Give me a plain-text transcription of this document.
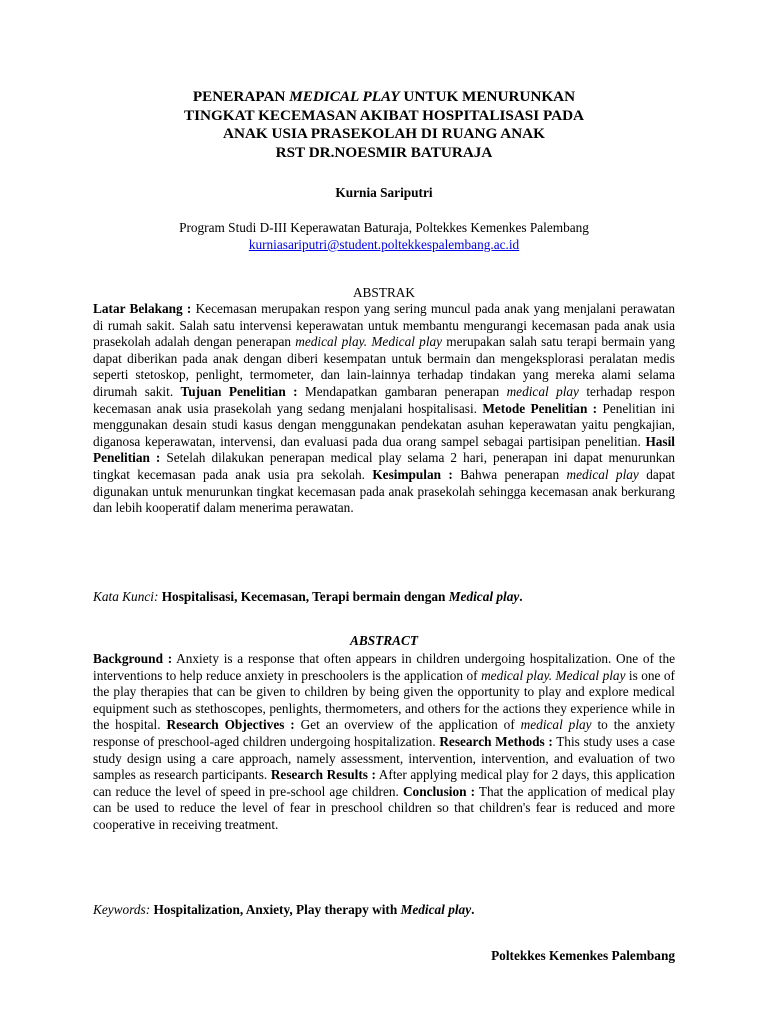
PENERAPAN MEDICAL PLAY UNTUK MENURUNKAN
TINGKAT KECEMASAN AKIBAT HOSPITALISASI PADA
ANAK USIA PRASEKOLAH DI RUANG ANAK
RST DR.NOESMIR BATURAJA
Kurnia Sariputri
Program Studi D-III Keperawatan Baturaja, Poltekkes Kemenkes Palembang
kurniasariputri@student.poltekkespalembang.ac.id
ABSTRAK
Latar Belakang : Kecemasan merupakan respon yang sering muncul pada anak yang menjalani perawatan di rumah sakit. Salah satu intervensi keperawatan untuk membantu mengurangi kecemasan pada anak usia prasekolah adalah dengan penerapan medical play. Medical play merupakan salah satu terapi bermain yang dapat diberikan pada anak dengan diberi kesempatan untuk bermain dan mengeksplorasi peralatan medis seperti stetoskop, penlight, termometer, dan lain-lainnya terhadap tindakan yang mereka alami selama dirumah sakit. Tujuan Penelitian : Mendapatkan gambaran penerapan medical play terhadap respon kecemasan anak usia prasekolah yang sedang menjalani hospitalisasi. Metode Penelitian : Penelitian ini menggunakan desain studi kasus dengan menggunakan pendekatan asuhan keperawatan yaitu pengkajian, diganosa keperawatan, intervensi, dan evaluasi pada dua orang sampel sebagai partisipan penelitian. Hasil Penelitian : Setelah dilakukan penerapan medical play selama 2 hari, penerapan ini dapat menurunkan tingkat kecemasan pada anak usia pra sekolah. Kesimpulan : Bahwa penerapan medical play dapat digunakan untuk menurunkan tingkat kecemasan pada anak prasekolah sehingga kecemasan anak berkurang dan lebih kooperatif dalam menerima perawatan.
Kata Kunci: Hospitalisasi, Kecemasan, Terapi bermain dengan Medical play.
ABSTRACT
Background : Anxiety is a response that often appears in children undergoing hospitalization. One of the interventions to help reduce anxiety in preschoolers is the application of medical play. Medical play is one of the play therapies that can be given to children by being given the opportunity to play and explore medical equipment such as stethoscopes, penlights, thermometers, and others for the actions they experience while in the hospital. Research Objectives : Get an overview of the application of medical play to the anxiety response of preschool-aged children undergoing hospitalization. Research Methods : This study uses a case study design using a care approach, namely assessment, intervention, intervention, and evaluation of two samples as research participants. Research Results : After applying medical play for 2 days, this application can reduce the level of speed in pre-school age children. Conclusion : That the application of medical play can be used to reduce the level of fear in preschool children so that children's fear is reduced and more cooperative in receiving treatment.
Keywords: Hospitalization, Anxiety, Play therapy with Medical play.
Poltekkes Kemenkes Palembang
